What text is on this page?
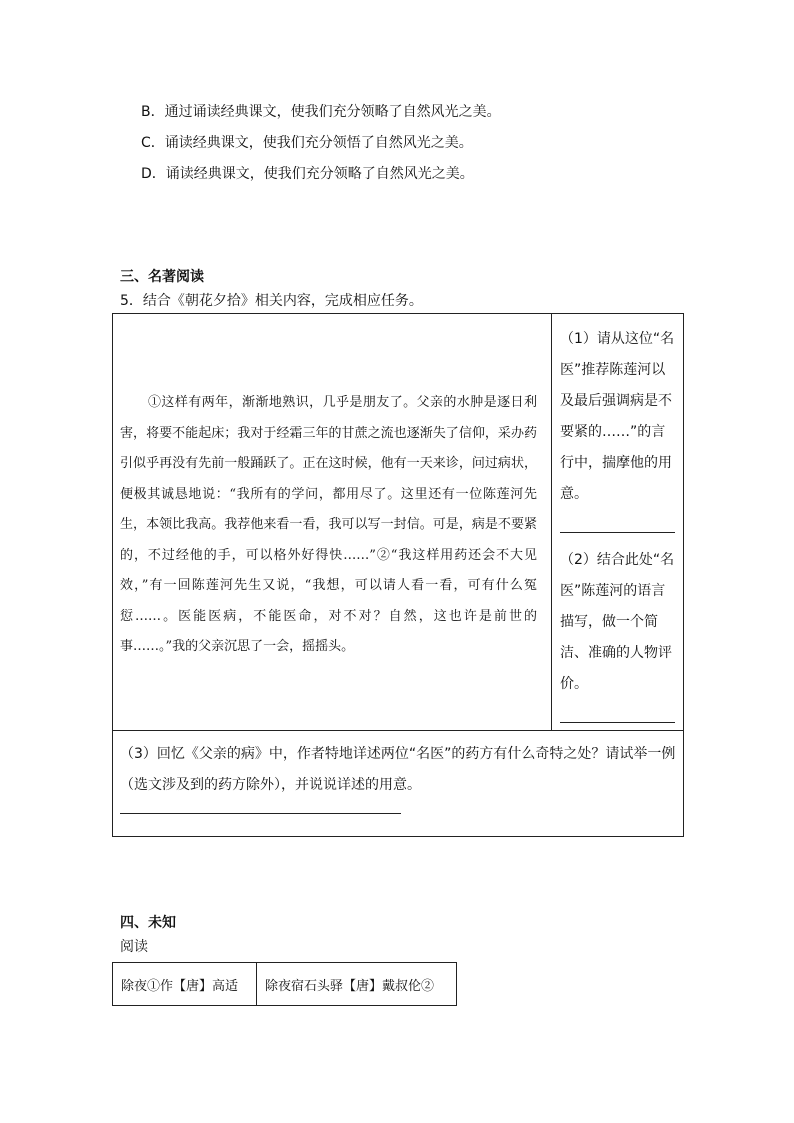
B．通过诵读经典课文，使我们充分领略了自然风光之美。
C．诵读经典课文，使我们充分领悟了自然风光之美。
D．诵读经典课文，使我们充分领略了自然风光之美。
三、名著阅读
5．结合《朝花夕拾》相关内容，完成相应任务。
①这样有两年，渐渐地熟识，几乎是朋友了。父亲的水肿是逐日利害，将要不能起床；我对于经霜三年的甘蔗之流也逐渐失了信仰，采办药引似乎再没有先前一般踊跃了。正在这时候，他有一天来诊，问过病状，便极其诚恳地说：“我所有的学问，都用尽了。这里还有一位陈莲河先生，本领比我高。我荐他来看一看，我可以写一封信。可是，病是不要紧的，不过经他的手，可以格外好得快……”②“我这样用药还会不大见效，”有一回陈莲河先生又说，“我想，可以请人看一看，可有什么冤愆……。医能医病，不能医命，对不对？自然，这也许是前世的事……。”我的父亲沉思了一会，摇摇头。

（1）请从这位“名医”推荐陈莲河以及最后强调病是不要紧的……”的言行中，揣摩他的用意。
（2）结合此处“名医”陈莲河的语言描写，做一个简洁、准确的人物评价。

（3）回忆《父亲的病》中，作者特地详述两位“名医”的药方有什么奇特之处？请试举一例（选文涉及到的药方除外），并说说详述的用意。
四、未知
阅读
除夜①作【唐】高适	除夜宿石头驿【唐】戴叔伦②
